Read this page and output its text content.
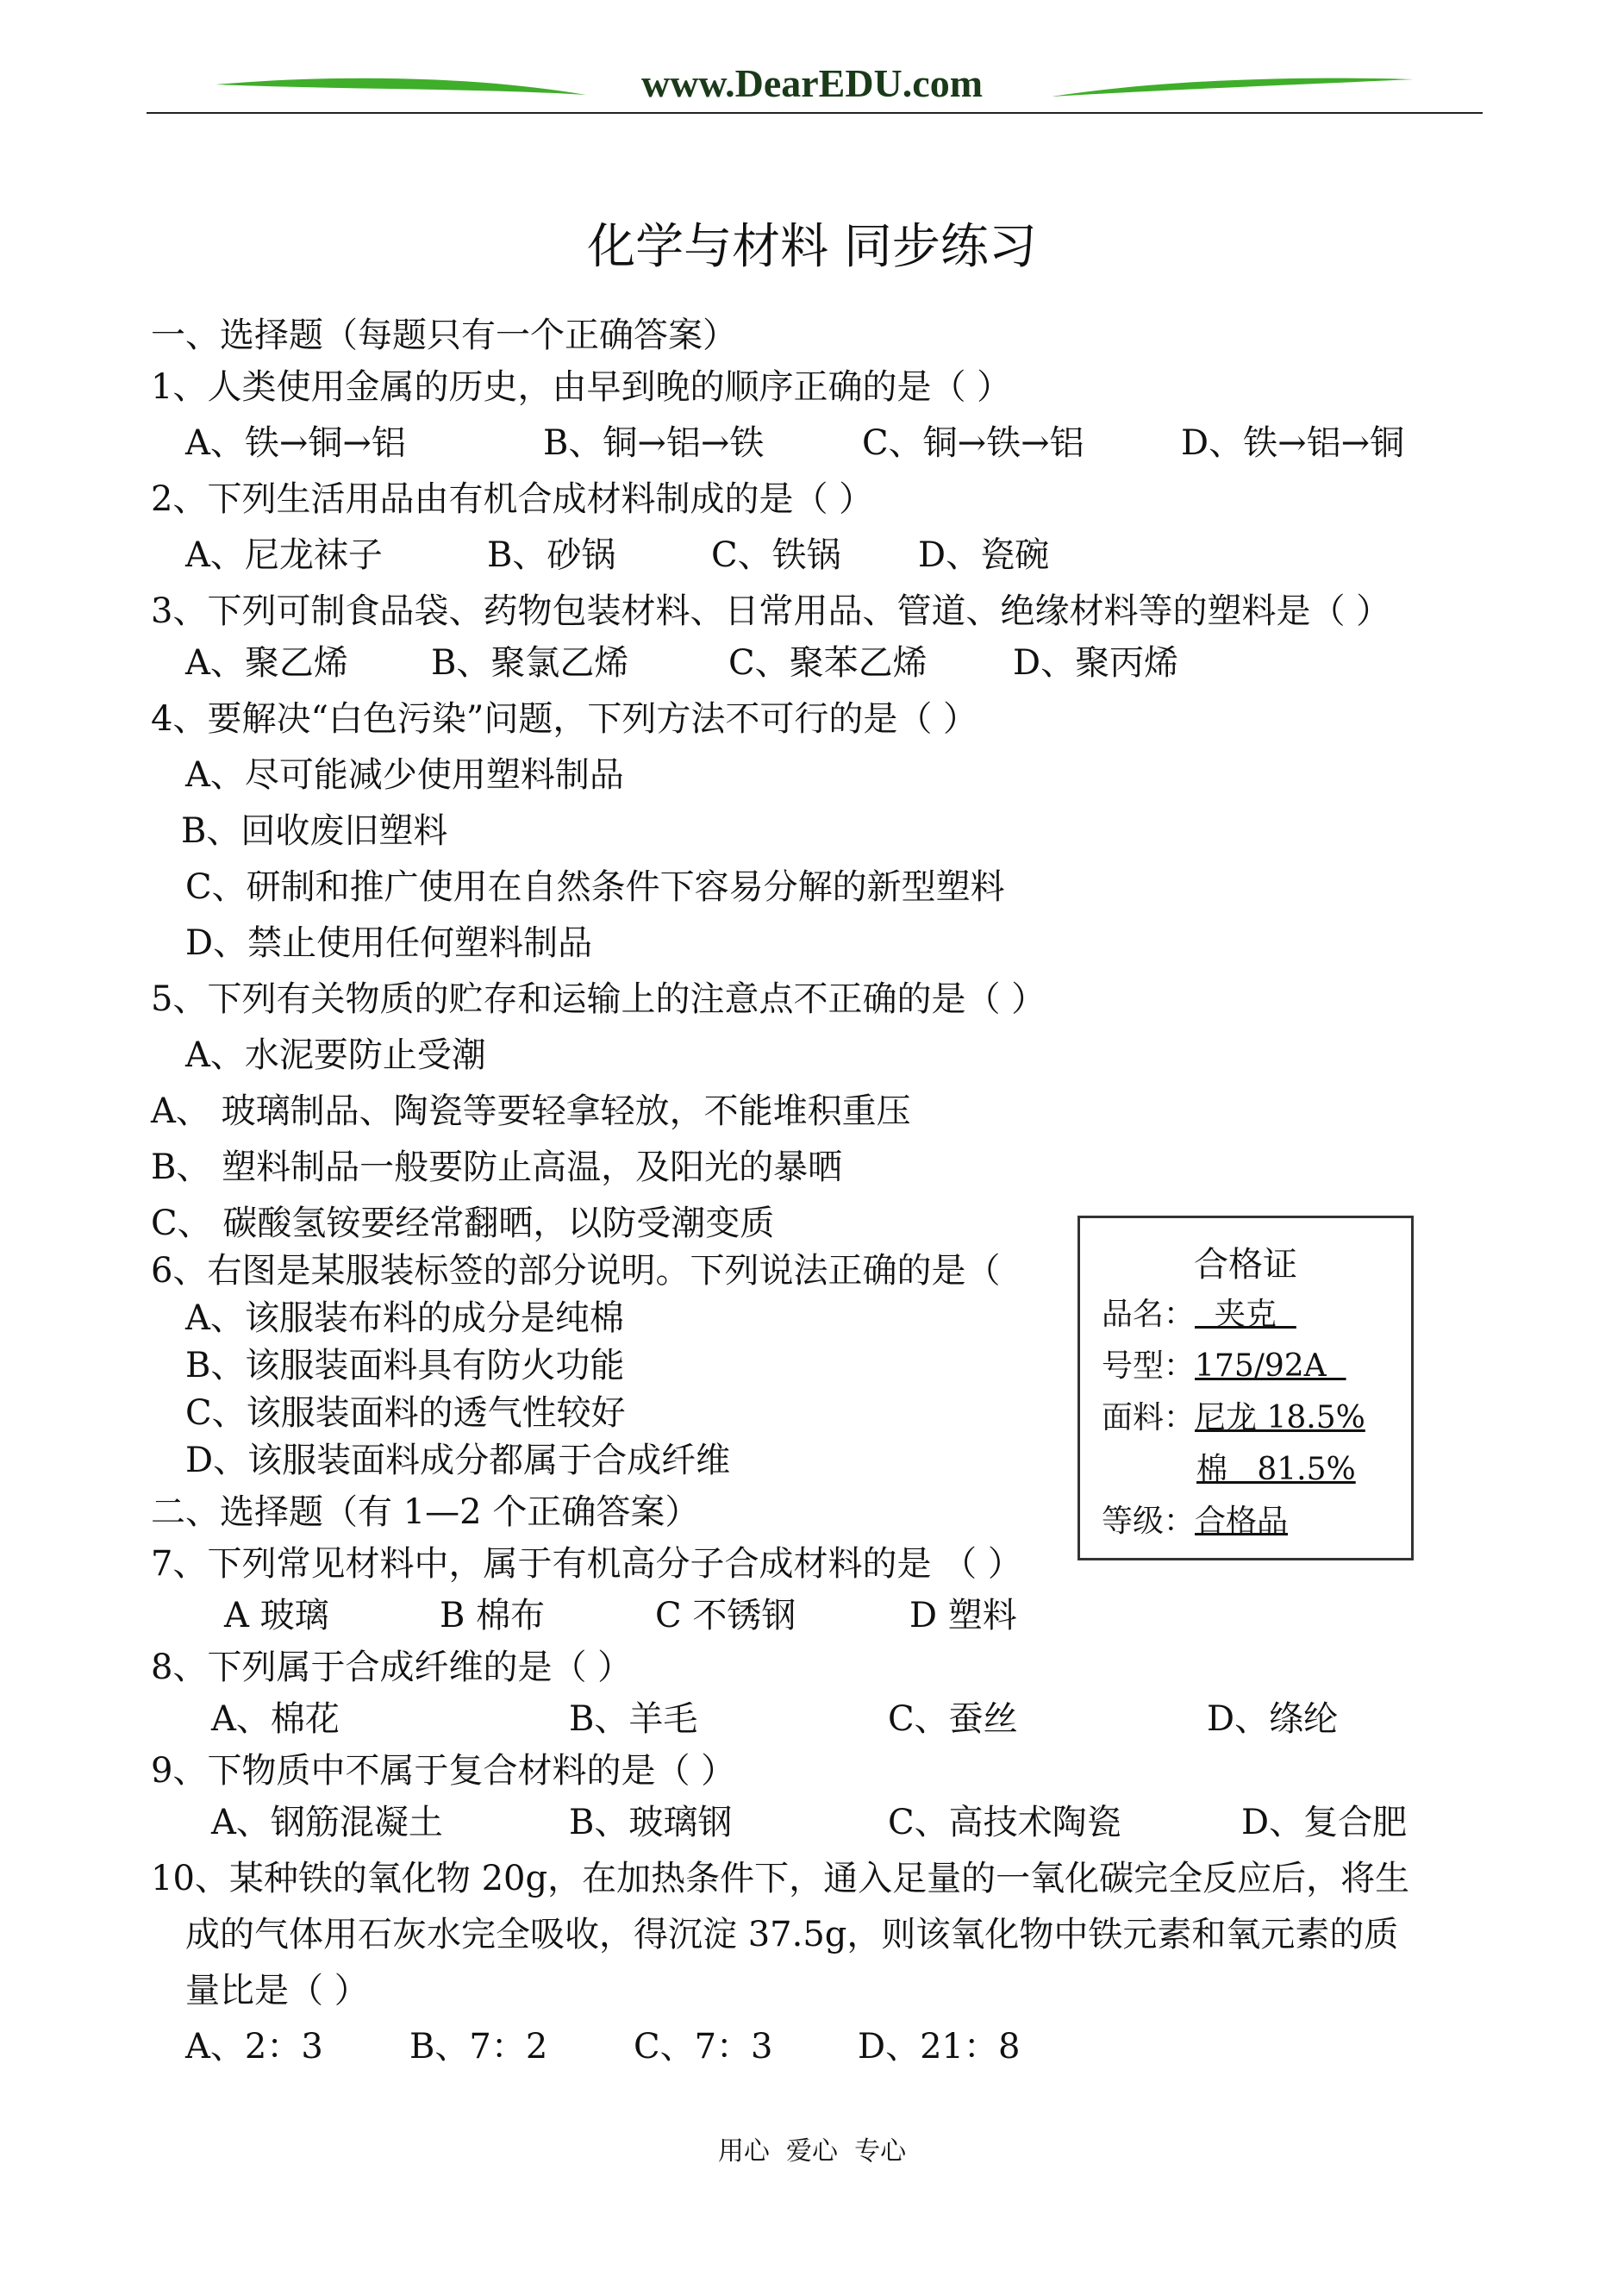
www.DearEDU.com
化学与材料 同步练习
一、选择题（每题只有一个正确答案）
1、人类使用金属的历史，由早到晚的顺序正确的是（ ）
A、铁→铜→铝	B、铜→铝→铁	C、铜→铁→铝	D、铁→铝→铜
2、下列生活用品由有机合成材料制成的是（ ）
A、尼龙袜子	B、砂锅	C、铁锅 D、瓷碗
3、下列可制食品袋、药物包装材料、日常用品、管道、绝缘材料等的塑料是（ ）
A、聚乙烯 B、聚氯乙烯	C、聚苯乙烯 D、聚丙烯
4、要解决“白色污染”问题，下列方法不可行的是（ ）
A、尽可能减少使用塑料制品
B、回收废旧塑料
C、研制和推广使用在自然条件下容易分解的新型塑料
D、禁止使用任何塑料制品
5、下列有关物质的贮存和运输上的注意点不正确的是（ ）
A、水泥要防止受潮
A、 玻璃制品、陶瓷等要轻拿轻放，不能堆积重压
B、 塑料制品一般要防止高温，及阳光的暴晒
C、 碳酸氢铵要经常翻晒，以防受潮变质
6、右图是某服装标签的部分说明。下列说法正确的是（
A、该服装布料的成分是纯棉
B、该服装面料具有防火功能
C、该服装面料的透气性较好
D、该服装面料成分都属于合成纤维
合格证
品名：  夹克
号型：175/92A
面料：尼龙 18.5%
棉   81.5%
等级：合格品
二、选择题（有 1—2 个正确答案）
7、下列常见材料中，属于有机高分子合成材料的是 （ ）
A 玻璃	B 棉布	C 不锈钢	D 塑料
8、下列属于合成纤维的是（ ）
A、棉花	B、羊毛	C、蚕丝	D、绦纶
9、下物质中不属于复合材料的是（ ）
A、钢筋混凝土	B、玻璃钢	C、高技术陶瓷	D、复合肥
10、某种铁的氧化物 20g，在加热条件下，通入足量的一氧化碳完全反应后，将生
成的气体用石灰水完全吸收，得沉淀 37.5g，则该氧化物中铁元素和氧元素的质
量比是（ ）
A、2：3	B、7：2 C、7：3 D、21：8
用心  爱心  专心
